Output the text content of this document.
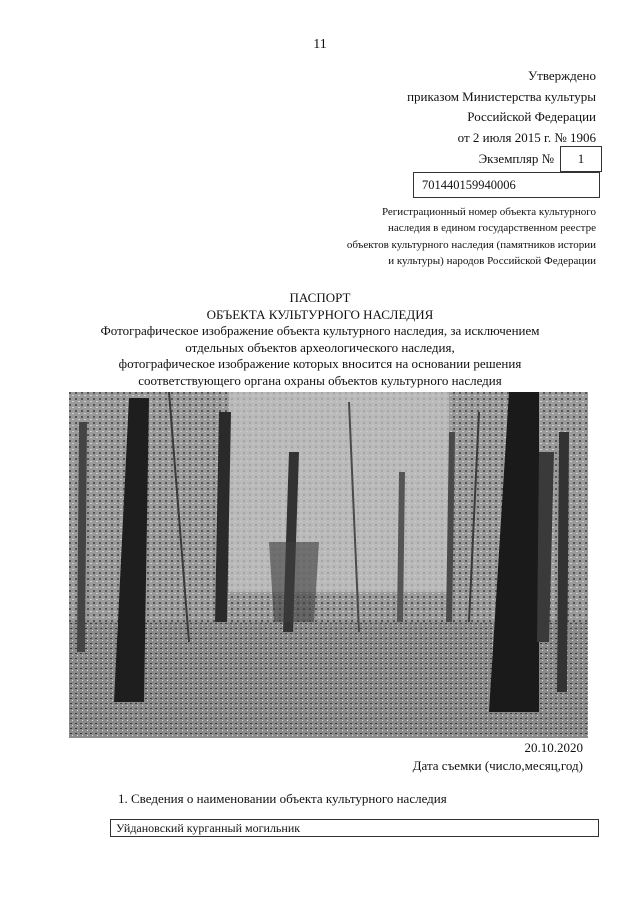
11
Утверждено
приказом Министерства культуры
Российской Федерации
от 2 июля 2015 г. № 1906
Экземпляр №	1
701440159940006
Регистрационный номер объекта культурного
наследия в едином государственном реестре
объектов культурного наследия (памятников истории
и культуры) народов Российской Федерации
ПАСПОРТ
ОБЪЕКТА КУЛЬТУРНОГО НАСЛЕДИЯ
Фотографическое изображение объекта культурного наследия, за исключением
отдельных объектов археологического наследия,
фотографическое изображение которых вносится на основании решения
соответствующего органа охраны объектов культурного наследия
20.10.2020
Дата съемки (число,месяц,год)
1. Сведения о наименовании объекта культурного наследия
Уйдановский курганный могильник
